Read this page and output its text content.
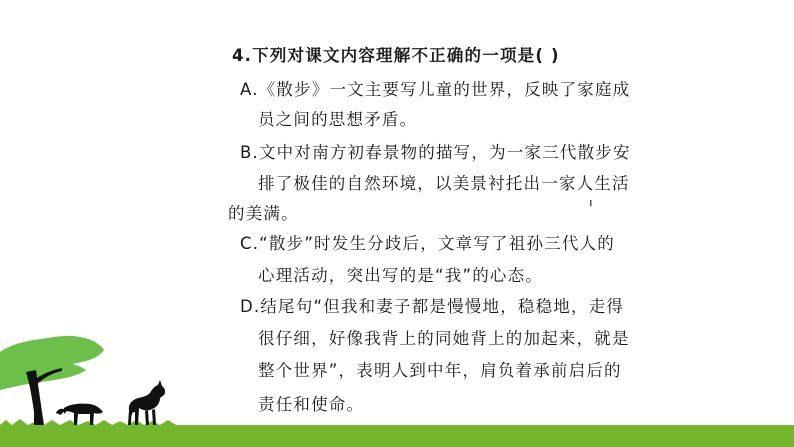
4.下列对课文内容理解不正确的一项是( )
A.《散步》一文主要写儿童的世界，反映了家庭成
员之间的思想矛盾。
B.文中对南方初春景物的描写，为一家三代散步安
排了极佳的自然环境，以美景衬托出一家人生活
的美满。
C.“散步”时发生分歧后，文章写了祖孙三代人的
心理活动，突出写的是“我”的心态。
D.结尾句“但我和妻子都是慢慢地，稳稳地，走得
很仔细，好像我背上的同她背上的加起来，就是
整个世界”，表明人到中年，肩负着承前启后的
责任和使命。
